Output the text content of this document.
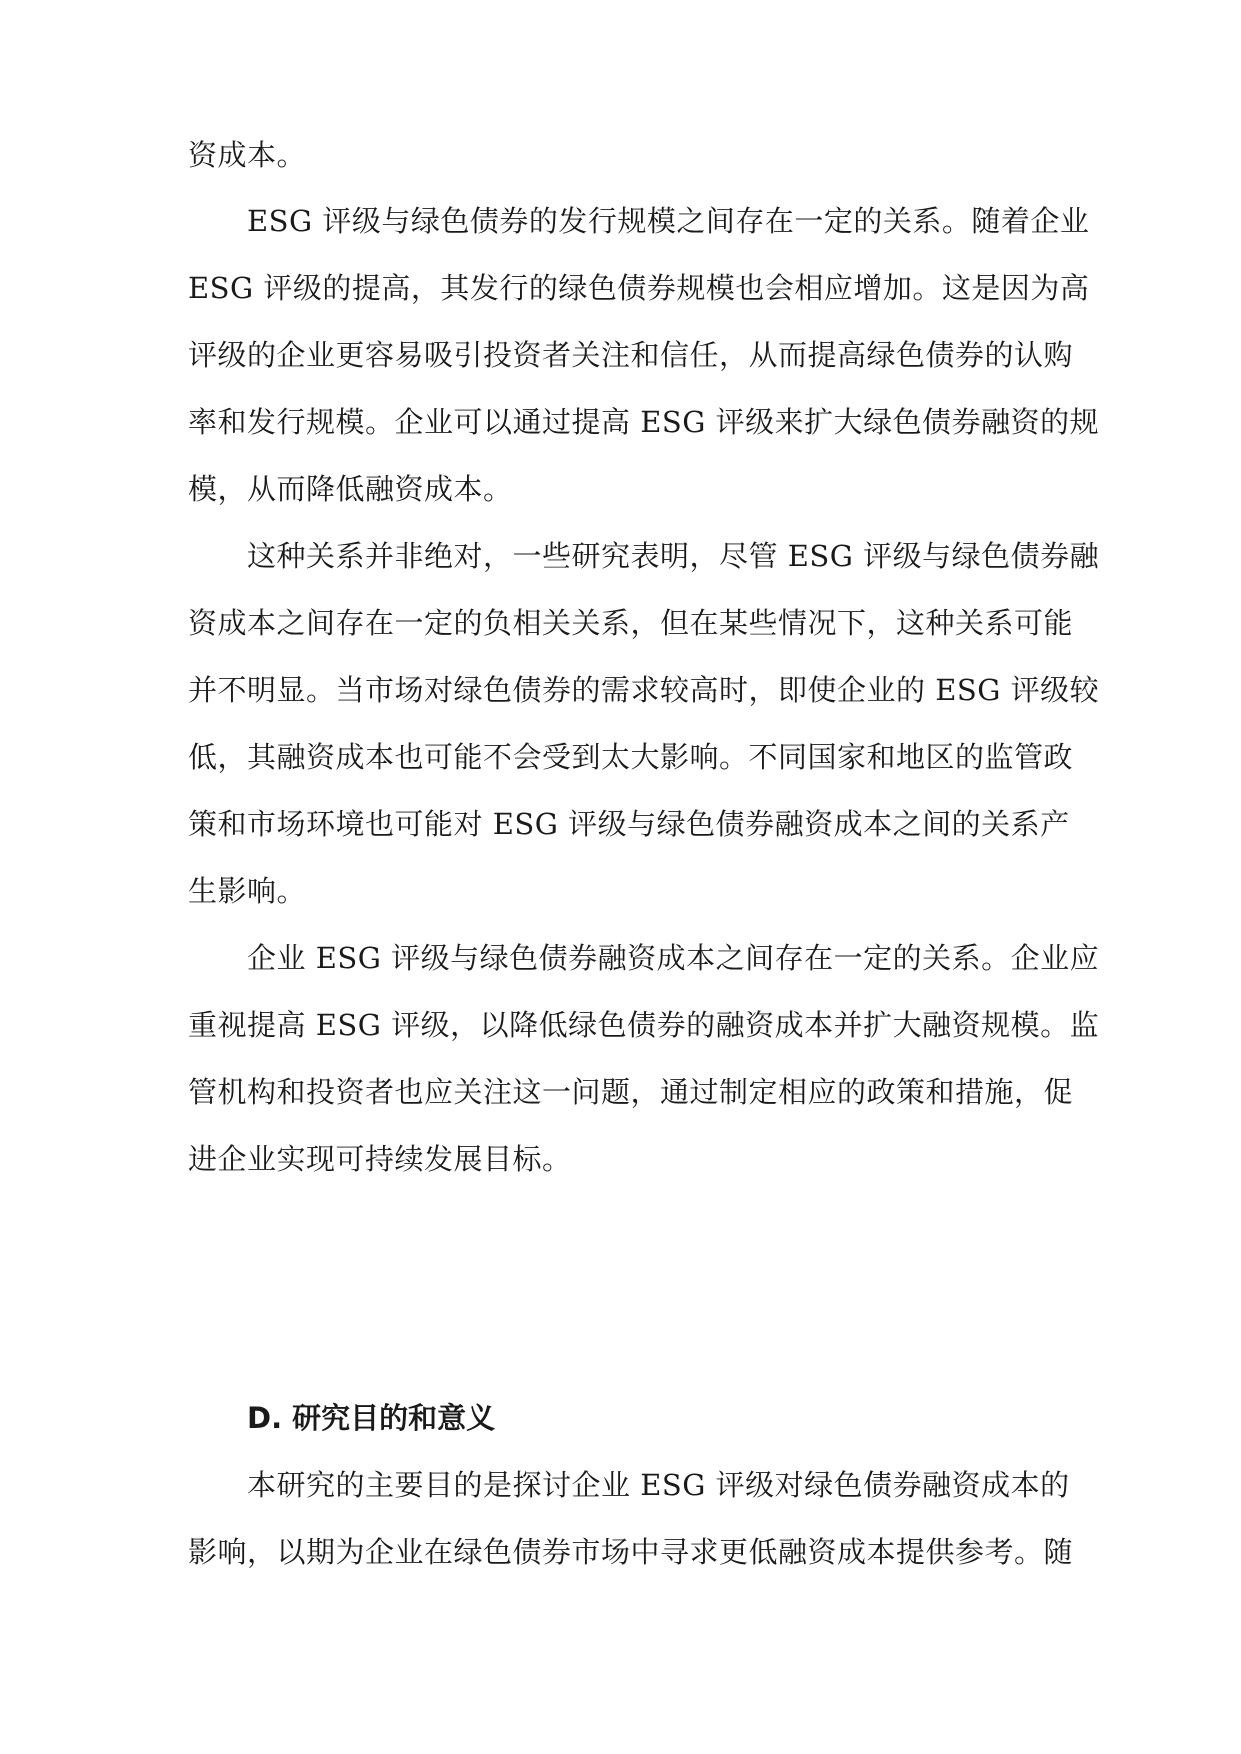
资成本。
ESG 评级与绿色债券的发行规模之间存在一定的关系。随着企业
ESG 评级的提高，其发行的绿色债券规模也会相应增加。这是因为高
评级的企业更容易吸引投资者关注和信任，从而提高绿色债券的认购
率和发行规模。企业可以通过提高 ESG 评级来扩大绿色债券融资的规
模，从而降低融资成本。
这种关系并非绝对，一些研究表明，尽管 ESG 评级与绿色债券融
资成本之间存在一定的负相关关系，但在某些情况下，这种关系可能
并不明显。当市场对绿色债券的需求较高时，即使企业的 ESG 评级较
低，其融资成本也可能不会受到太大影响。不同国家和地区的监管政
策和市场环境也可能对 ESG 评级与绿色债券融资成本之间的关系产
生影响。
企业 ESG 评级与绿色债券融资成本之间存在一定的关系。企业应
重视提高 ESG 评级，以降低绿色债券的融资成本并扩大融资规模。监
管机构和投资者也应关注这一问题，通过制定相应的政策和措施，促
进企业实现可持续发展目标。
D. 研究目的和意义
本研究的主要目的是探讨企业 ESG 评级对绿色债券融资成本的
影响，以期为企业在绿色债券市场中寻求更低融资成本提供参考。随
